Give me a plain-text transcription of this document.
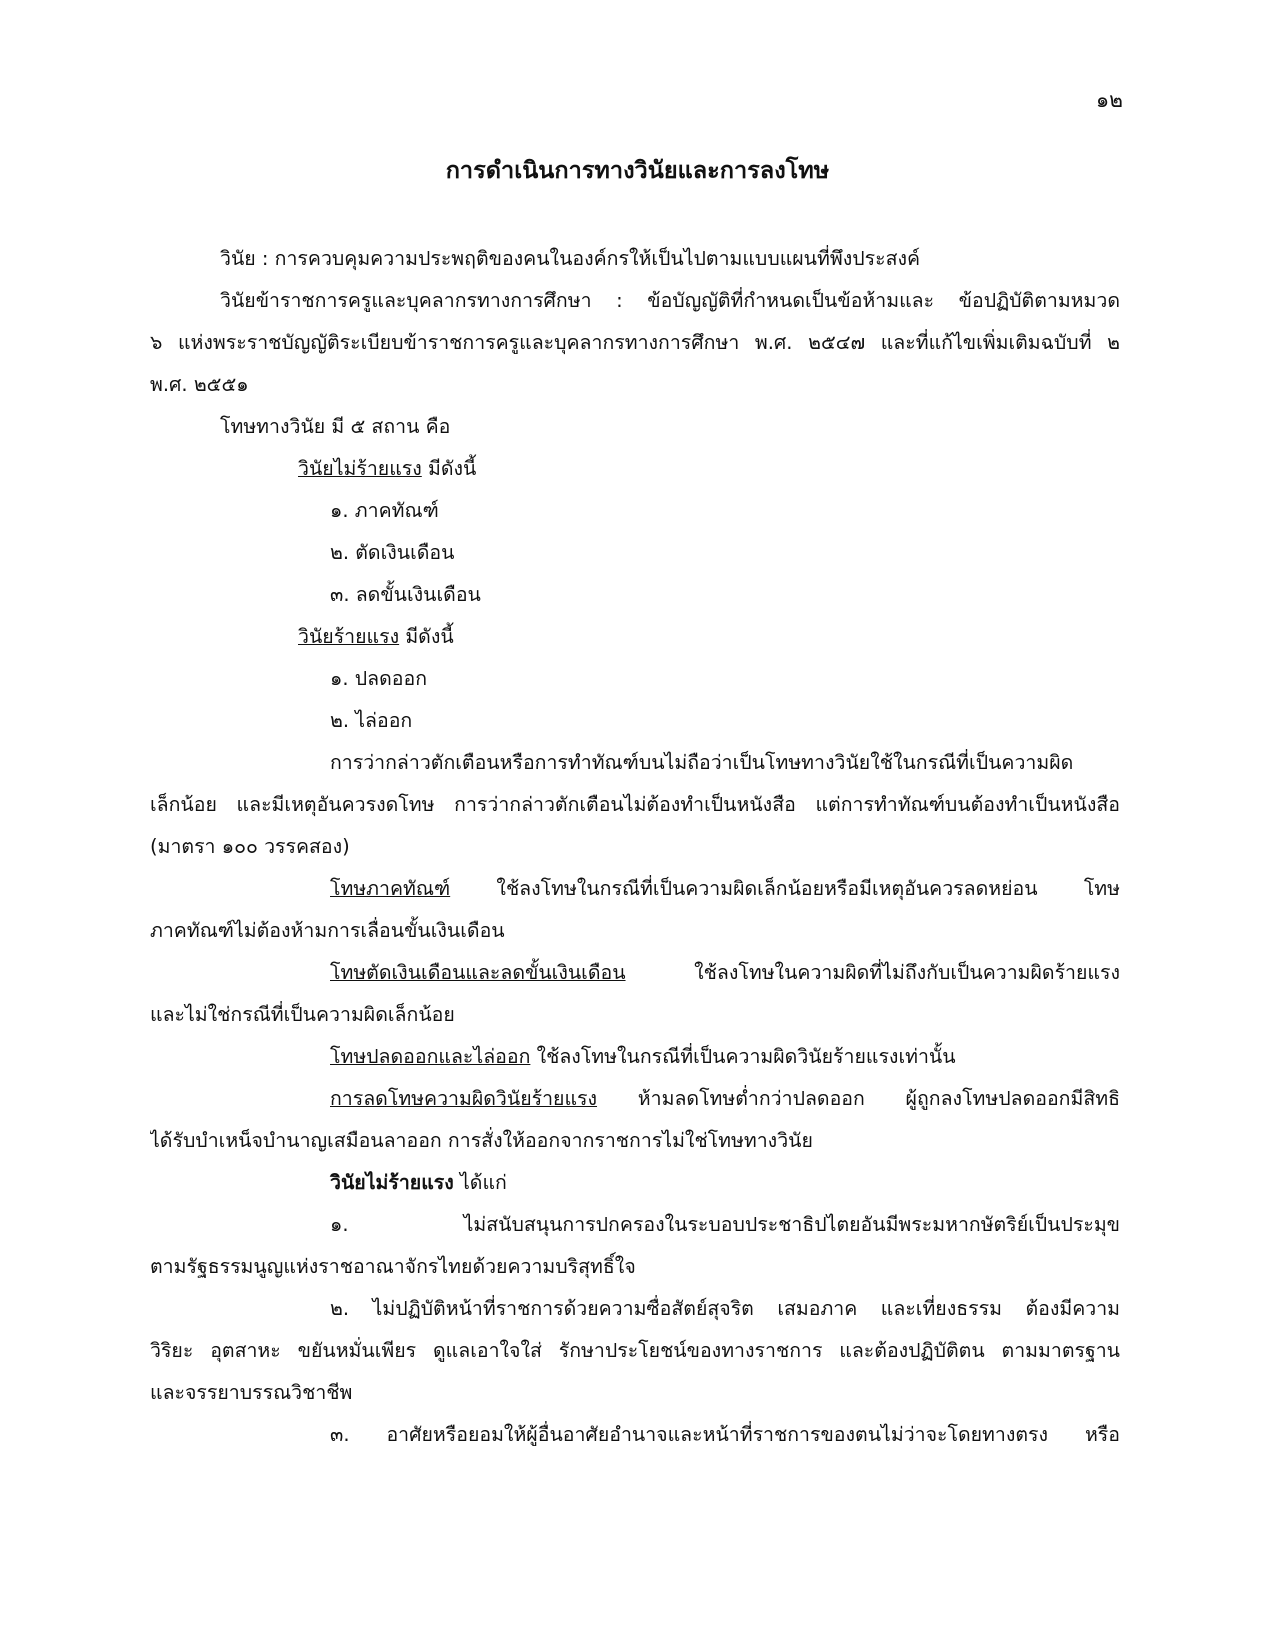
๑๒
การดำเนินการทางวินัยและการลงโทษ
วินัย : การควบคุมความประพฤติของคนในองค์กรให้เป็นไปตามแบบแผนที่พึงประสงค์
วินัยข้าราชการครูและบุคลากรทางการศึกษา : ข้อบัญญัติที่กำหนดเป็นข้อห้ามและ ข้อปฏิบัติตามหมวด
๖ แห่งพระราชบัญญัติระเบียบข้าราชการครูและบุคลากรทางการศึกษา พ.ศ. ๒๕๔๗ และที่แก้ไขเพิ่มเติมฉบับที่ ๒
พ.ศ. ๒๕๕๑
โทษทางวินัย มี ๕ สถาน คือ
วินัยไม่ร้ายแรง มีดังนี้
๑. ภาคทัณฑ์
๒. ตัดเงินเดือน
๓. ลดขั้นเงินเดือน
วินัยร้ายแรง มีดังนี้
๑. ปลดออก
๒. ไล่ออก
การว่ากล่าวตักเตือนหรือการทำทัณฑ์บนไม่ถือว่าเป็นโทษทางวินัยใช้ในกรณีที่เป็นความผิด
เล็กน้อย และมีเหตุอันควรงดโทษ การว่ากล่าวตักเตือนไม่ต้องทำเป็นหนังสือ แต่การทำทัณฑ์บนต้องทำเป็นหนังสือ
(มาตรา ๑๐๐ วรรคสอง)
โทษภาคทัณฑ์ ใช้ลงโทษในกรณีที่เป็นความผิดเล็กน้อยหรือมีเหตุอันควรลดหย่อน โทษ
ภาคทัณฑ์ไม่ต้องห้ามการเลื่อนขั้นเงินเดือน
โทษตัดเงินเดือนและลดขั้นเงินเดือน ใช้ลงโทษในความผิดที่ไม่ถึงกับเป็นความผิดร้ายแรง
และไม่ใช่กรณีที่เป็นความผิดเล็กน้อย
โทษปลดออกและไล่ออก ใช้ลงโทษในกรณีที่เป็นความผิดวินัยร้ายแรงเท่านั้น
การลดโทษความผิดวินัยร้ายแรง ห้ามลดโทษต่ำกว่าปลดออก ผู้ถูกลงโทษปลดออกมีสิทธิ
ได้รับบำเหน็จบำนาญเสมือนลาออก การสั่งให้ออกจากราชการไม่ใช่โทษทางวินัย
วินัยไม่ร้ายแรง ได้แก่
๑. ไม่สนับสนุนการปกครองในระบอบประชาธิปไตยอันมีพระมหากษัตริย์เป็นประมุข
ตามรัฐธรรมนูญแห่งราชอาณาจักรไทยด้วยความบริสุทธิ์ใจ
๒. ไม่ปฏิบัติหน้าที่ราชการด้วยความซื่อสัตย์สุจริต เสมอภาค และเที่ยงธรรม ต้องมีความ
วิริยะ อุตสาหะ ขยันหมั่นเพียร ดูแลเอาใจใส่ รักษาประโยชน์ของทางราชการ และต้องปฏิบัติตน ตามมาตรฐาน
และจรรยาบรรณวิชาชีพ
๓. อาศัยหรือยอมให้ผู้อื่นอาศัยอำนาจและหน้าที่ราชการของตนไม่ว่าจะโดยทางตรง หรือ
